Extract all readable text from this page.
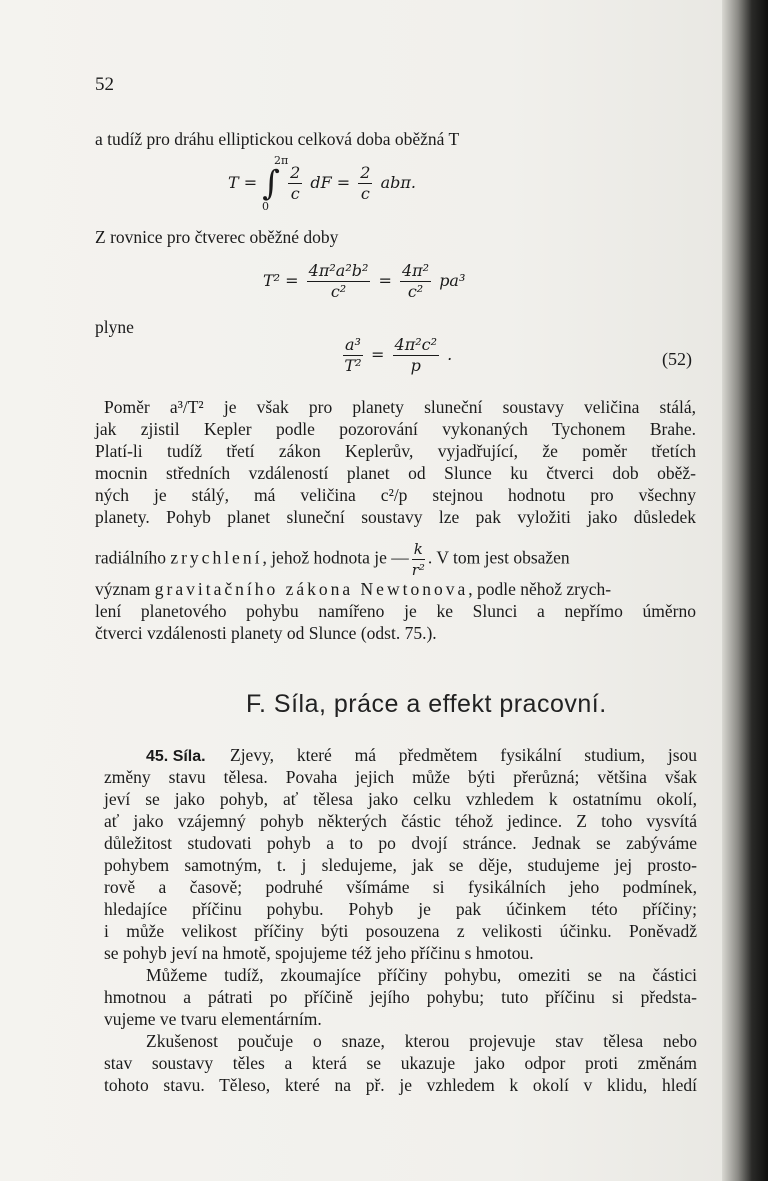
52
a tudíž pro dráhu elliptickou celková doba oběžná T
2π
0
T = ∫ $\frac{2}{c}$ dF = $\frac{2}{c} ab\pi$.
Z rovnice pro čtverec oběžné doby
$T^2 = \frac{\text{4π²a²b²}}{\text{c²}} = \frac{\text{4π²}}{\text{c²}} pa^3$
plyne
$\frac{\text{a³}}{\text{T²}} = \frac{\text{4π²c²}}{p}$ .	(52)
Poměr a³/T² je však pro planety sluneční soustavy veličina stálá,
jak zjistil Kepler podle pozorování vykonaných Tychonem Brahe.
Platí-li tudíž třetí zákon Keplerův, vyjadřující, že poměr třetích
mocnin středních vzdáleností planet od Slunce ku čtverci dob oběž-
ných je stálý, má veličina c²/p stejnou hodnotu pro všechny
planety. Pohyb planet sluneční soustavy lze pak vyložiti jako důsledek
radiálního zrychlení, jehož hodnota je — $\frac{k}{\text{r²}}$ . V tom jest obsažen
význam gravitačního zákona Newtonova, podle něhož zrych-
lení planetového pohybu namířeno je ke Slunci a nepřímo úměrno
čtverci vzdálenosti planety od Slunce (odst. 75.).
F. Síla, práce a effekt pracovní.
45. Síla. Zjevy, které má předmětem fysikální studium, jsou
změny stavu tělesa. Povaha jejich může býti přerůzná; většina však
jeví se jako pohyb, ať tělesa jako celku vzhledem k ostatnímu okolí,
ať jako vzájemný pohyb některých částic téhož jedince. Z toho vysvítá
důležitost studovati pohyb a to po dvojí stránce. Jednak se zabýváme
pohybem samotným, t. j sledujeme, jak se děje, studujeme jej prosto-
rově a časově; podruhé všímáme si fysikálních jeho podmínek,
hledajíce příčinu pohybu. Pohyb je pak účinkem této příčiny;
i může velikost příčiny býti posouzena z velikosti účinku. Poněvadž
se pohyb jeví na hmotě, spojujeme též jeho příčinu s hmotou.
Můžeme tudíž, zkoumajíce příčiny pohybu, omeziti se na částici
hmotnou a pátrati po příčině jejího pohybu; tuto příčinu si předsta-
vujeme ve tvaru elementárním.
Zkušenost poučuje o snaze, kterou projevuje stav tělesa nebo
stav soustavy těles a která se ukazuje jako odpor proti změnám
tohoto stavu. Těleso, které na př. je vzhledem k okolí v klidu, hledí
